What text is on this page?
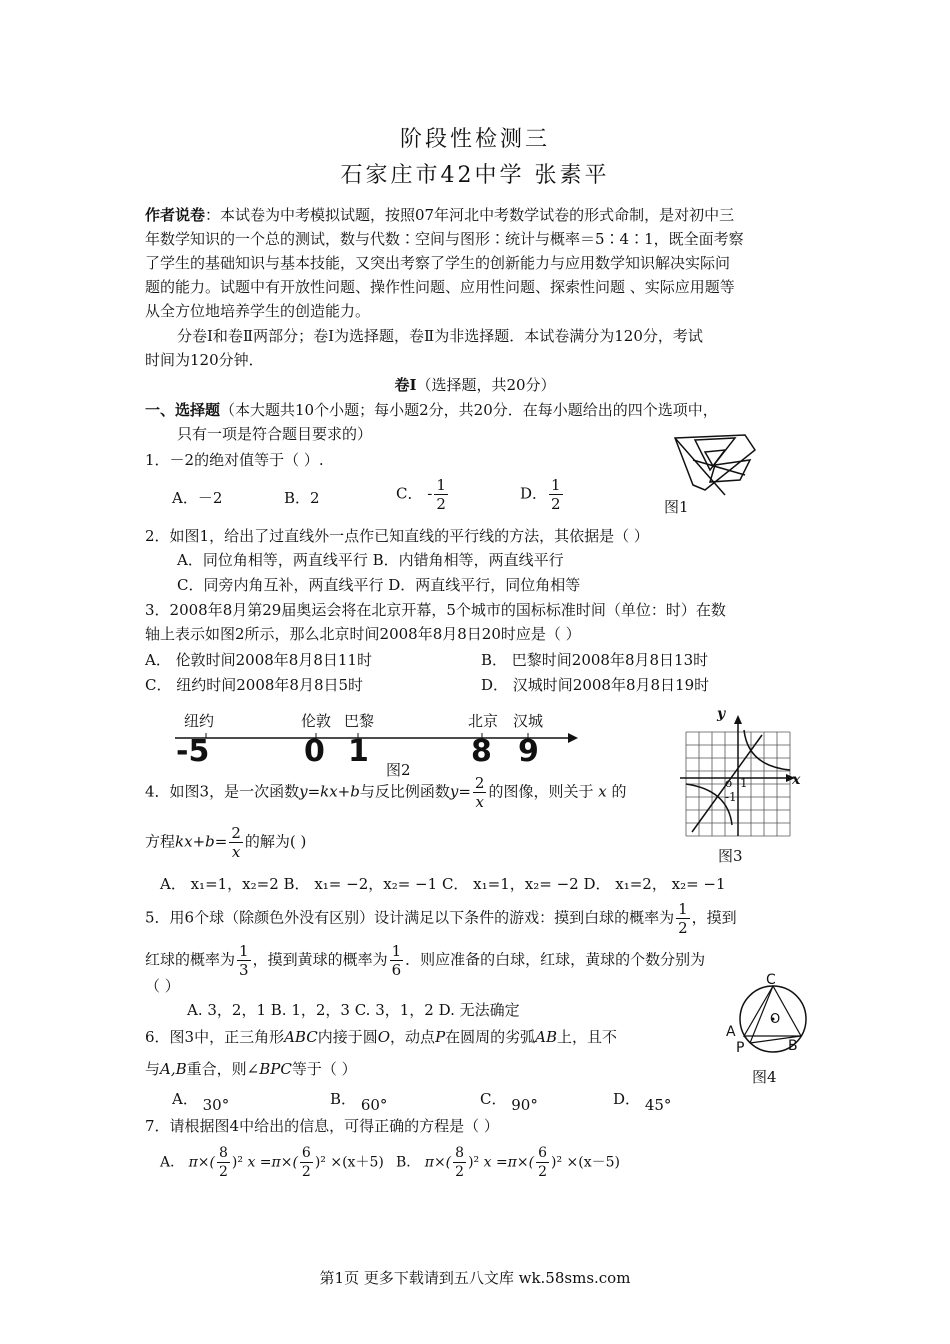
阶段性检测三
石家庄市42中学 张素平
作者说卷：本试卷为中考模拟试题，按照07年河北中考数学试卷的形式命制，是对初中三
年数学知识的一个总的测试，数与代数∶空间与图形∶统计与概率＝5∶4∶1，既全面考察
了学生的基础知识与基本技能，又突出考察了学生的创新能力与应用数学知识解决实际问
题的能力。试题中有开放性问题、操作性问题、应用性问题、探索性问题 、实际应用题等
从全方位地培养学生的创造能力。
分卷Ⅰ和卷Ⅱ两部分；卷Ⅰ为选择题，卷Ⅱ为非选择题．本试卷满分为120分，考试
时间为120分钟．
卷Ⅰ（选择题，共20分）
一、选择题（本大题共10个小题；每小题2分，共20分．在每小题给出的四个选项中，
只有一项是符合题目要求的）
图1
1．－2的绝对值等于（ ）.
A．－2	B．2	C． - $\frac{1}{2}$	D． $\frac{1}{2}$
2．如图1，给出了过直线外一点作已知直线的平行线的方法，其依据是（ ）
A．同位角相等，两直线平行 B．内错角相等，两直线平行
C．同旁内角互补，两直线平行 D．两直线平行，同位角相等
3．2008年8月第29届奥运会将在北京开幕，5个城市的国标标准时间（单位：时）在数
轴上表示如图2所示，那么北京时间2008年8月8日20时应是（ ）
A． 伦敦时间2008年8月8日11时	B． 巴黎时间2008年8月8日13时
C． 纽约时间2008年8月8日5时	D． 汉城时间2008年8月8日19时
纽约	伦敦 巴黎	北京 汉城
-5	0 1	8 9
图2
y
x
o 1
-1
图3
4．如图3，是一次函数y=kx+b与反比例函数$y= \frac{2}{x}$ 的图像，则关于 x 的
方程$kx+b= \frac{2}{x}$ 的解为( )
A． x₁=1，x₂=2 B． x₁= −2，x₂= −1 C． x₁=1，x₂= −2 D． x₁=2， x₂= −1
5．用6个球（除颜色外没有区别）设计满足以下条件的游戏：摸到白球的概率为 $\frac{1}{2}$ ，摸到
红球的概率为 $\frac{1}{3}$ ，摸到黄球的概率为 $\frac{1}{6}$ ．则应准备的白球，红球，黄球的个数分别为
（ ）
A. 3，2，1 B. 1，2，3 C. 3，1，2 D. 无法确定
C
A
O
P	B
图4
6．图3中，正三角形ABC内接于圆O，动点P在圆周的劣弧AB上，且不
与A,B重合，则∠BPC等于（ ）
A． 30°	B． 60°	C． 90°	D． 45°
7．请根据图4中给出的信息，可得正确的方程是（ ）
A． $\pi\times( \frac{8}{2} )^2$ $x =\pi\times( \frac{6}{2} )^2 \times(x+5)$ B． $\pi\times( \frac{8}{2} )^2$ $x =\pi\times( \frac{6}{2} )^2 \times(x-5)$
第1页 更多下载请到五八文库 wk.58sms.com
